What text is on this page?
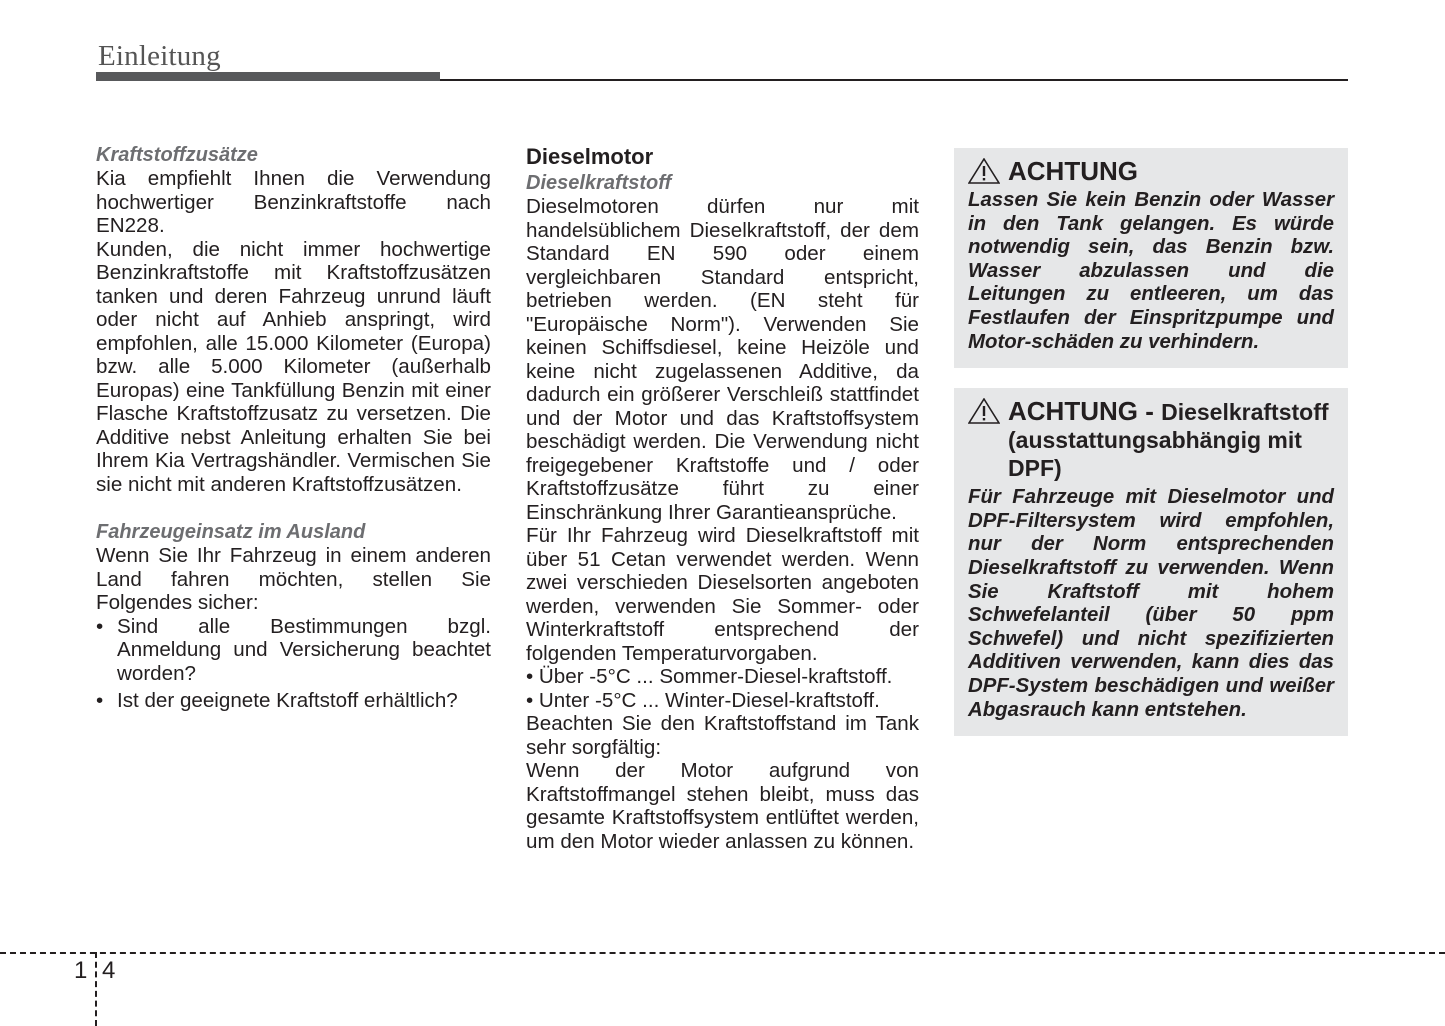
Einleitung

Kraftstoffzusätze

Kia empfiehlt Ihnen die Verwendung hochwertiger Benzinkraftstoffe nach EN228.

Kunden, die nicht immer hochwertige Benzinkraftstoffe mit Kraftstoffzusätzen tanken und deren Fahrzeug unrund läuft oder nicht auf Anhieb anspringt, wird empfohlen, alle 15.000 Kilometer (Europa) bzw. alle 5.000 Kilometer (außerhalb Europas) eine Tankfüllung Benzin mit einer Flasche Kraftstoffzusatz zu versetzen. Die Additive nebst Anleitung erhalten Sie bei Ihrem Kia Vertragshändler. Vermischen Sie sie nicht mit anderen Kraftstoffzusätzen.

Fahrzeugeinsatz im Ausland

Wenn Sie Ihr Fahrzeug in einem anderen Land fahren möchten, stellen Sie Folgendes sicher:

• Sind alle Bestimmungen bzgl. Anmeldung und Versicherung beachtet worden?
• Ist der geeignete Kraftstoff erhältlich?

Dieselmotor

Dieselkraftstoff

Dieselmotoren dürfen nur mit handelsüblichem Dieselkraftstoff, der dem Standard EN 590 oder einem vergleichbaren Standard entspricht, betrieben werden. (EN steht für "Europäische Norm"). Verwenden Sie keinen Schiffsdiesel, keine Heizöle und keine nicht zugelassenen Additive, da dadurch ein größerer Verschleiß stattfindet und der Motor und das Kraftstoffsystem beschädigt werden. Die Verwendung nicht freigegebener Kraftstoffe und / oder Kraftstoffzusätze führt zu einer Einschränkung Ihrer Garantieansprüche.

Für Ihr Fahrzeug wird Dieselkraftstoff mit über 51 Cetan verwendet werden. Wenn zwei verschieden Dieselsorten angeboten werden, verwenden Sie Sommer- oder Winterkraftstoff entsprechend der folgenden Temperaturvorgaben.

• Über -5°C ... Sommer-Diesel-kraftstoff.
• Unter -5°C ... Winter-Diesel-kraftstoff.

Beachten Sie den Kraftstoffstand im Tank sehr sorgfältig:

Wenn der Motor aufgrund von Kraftstoffmangel stehen bleibt, muss das gesamte Kraftstoffsystem entlüftet werden, um den Motor wieder anlassen zu können.

ACHTUNG

Lassen Sie kein Benzin oder Wasser in den Tank gelangen. Es würde notwendig sein, das Benzin bzw. Wasser abzulassen und die Leitungen zu entleeren, um das Festlaufen der Einspritzpumpe und Motor-schäden zu verhindern.

ACHTUNG - Dieselkraftstoff (ausstattungsabhängig mit DPF)

Für Fahrzeuge mit Dieselmotor und DPF-Filtersystem wird empfohlen, nur der Norm entsprechenden Dieselkraftstoff zu verwenden. Wenn Sie Kraftstoff mit hohem Schwefelanteil (über 50 ppm Schwefel) und nicht spezifizierten Additiven verwenden, kann dies das DPF-System beschädigen und weißer Abgasrauch kann entstehen.

1 4
